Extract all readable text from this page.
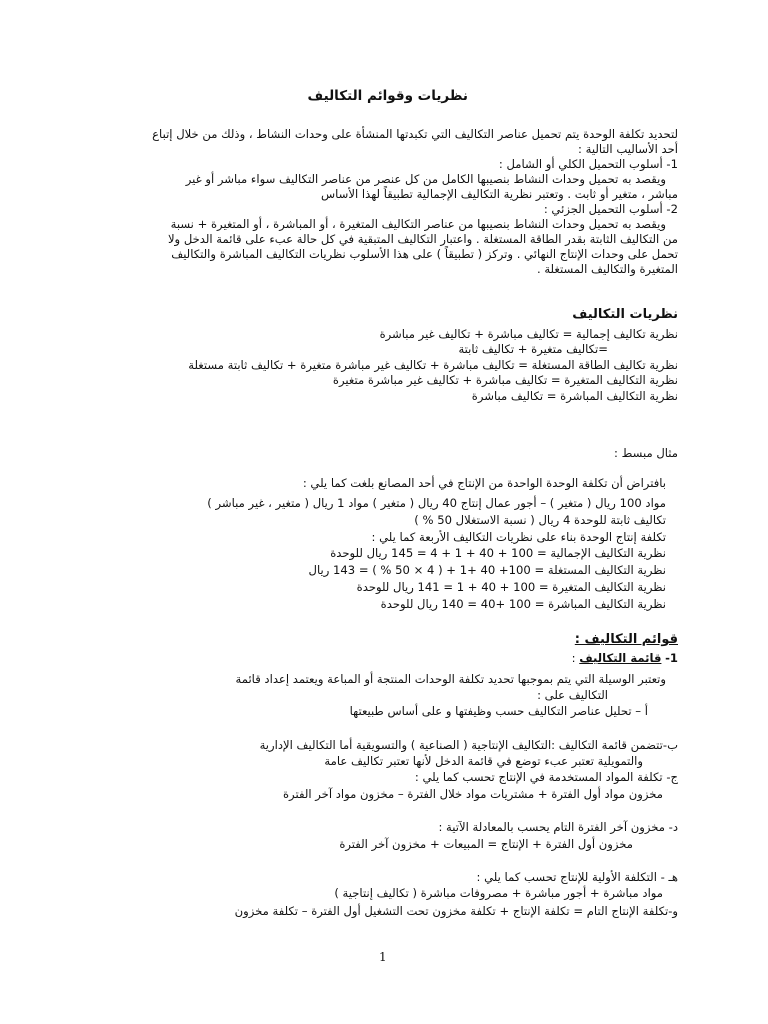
نظريات وقوائم التكاليف
لتحديد تكلفة الوحدة يتم تحميل عناصر التكاليف التي تكبدتها المنشأة على وحدات النشاط ، وذلك من خلال إتباع
أحد الأساليب التالية :
1- أسلوب التحميل الكلي أو الشامل :
ويقصد به تحميل وحدات النشاط بنصيبها الكامل من كل عنصر من عناصر التكاليف سواء مباشر أو غير
مباشر ، متغير أو ثابت . وتعتبر نظرية التكاليف الإجمالية تطبيقاً لهذا الأساس
2- أسلوب التحميل الجزئي :
ويقصد به تحميل وحدات النشاط بنصيبها من عناصر التكاليف المتغيرة ، أو المباشرة ، أو المتغيرة + نسبة
من التكاليف الثابتة بقدر الطاقة المستغلة . واعتبار التكاليف المتبقية في كل حالة عبء على قائمة الدخل ولا
تحمل على وحدات الإنتاج النهائي . وتركز ( تطبيقاً ) على هذا الأسلوب نظريات التكاليف المباشرة والتكاليف
المتغيرة والتكاليف المستغلة .
نظريات التكاليف
نظرية تكاليف إجمالية = تكاليف مباشرة + تكاليف غير مباشرة
=تكاليف متغيرة + تكاليف ثابتة
نظرية تكاليف الطاقة المستغلة = تكاليف مباشرة + تكاليف غير مباشرة متغيرة + تكاليف ثابتة مستغلة
نظرية التكاليف المتغيرة = تكاليف مباشرة + تكاليف غير مباشرة متغيرة
نظرية التكاليف المباشرة = تكاليف مباشرة
مثال مبسط :
بافتراض أن تكلفة الوحدة الواحدة من الإنتاج في أحد المصانع بلغت كما يلي :
مواد 100 ريال ( متغير ) – أجور عمال إنتاج 40 ريال ( متغير ) مواد 1 ريال ( متغير ، غير مباشر )
تكاليف ثابتة للوحدة 4 ريال ( نسبة الاستغلال 50 % )
تكلفة إنتاج الوحدة بناء على نظريات التكاليف الأربعة كما يلي :
نظرية التكاليف الإجمالية = 100 + 40 + 1 + 4 = 145 ريال للوحدة
نظرية التكاليف المستغلة = 100+ 40 +1 + ( 4 × 50 % ) = 143 ريال
نظرية التكاليف المتغيرة = 100 + 40 + 1 = 141 ريال للوحدة
نظرية التكاليف المباشرة = 100 +40 = 140 ريال للوحدة
قوائم التكاليف :
1- قائمة التكاليف :
وتعتبر الوسيلة التي يتم بموجبها تحديد تكلفة الوحدات المنتجة أو المباعة ويعتمد إعداد قائمة
التكاليف على :
أ – تحليل عناصر التكاليف حسب وظيفتها و على أساس طبيعتها
ب-تتضمن قائمة التكاليف :التكاليف الإنتاجية ( الصناعية ) والتسويقية أما التكاليف الإدارية
والتمويلية تعتبر عبء توضع في قائمة الدخل لأنها تعتبر تكاليف عامة
ج- تكلفة المواد المستخدمة في الإنتاج تحسب كما يلي :
مخزون مواد أول الفترة + مشتريات مواد خلال الفترة – مخزون مواد آخر الفترة
د- مخزون آخر الفترة التام يحسب بالمعادلة الآتية :
مخزون أول الفترة + الإنتاج = المبيعات + مخزون آخر الفترة
هـ - التكلفة الأولية للإنتاج تحسب كما يلي :
مواد مباشرة + أجور مباشرة + مصروفات مباشرة ( تكاليف إنتاجية )
و-تكلفة الإنتاج التام = تكلفة الإنتاج + تكلفة مخزون تحت التشغيل أول الفترة – تكلفة مخزون
1
